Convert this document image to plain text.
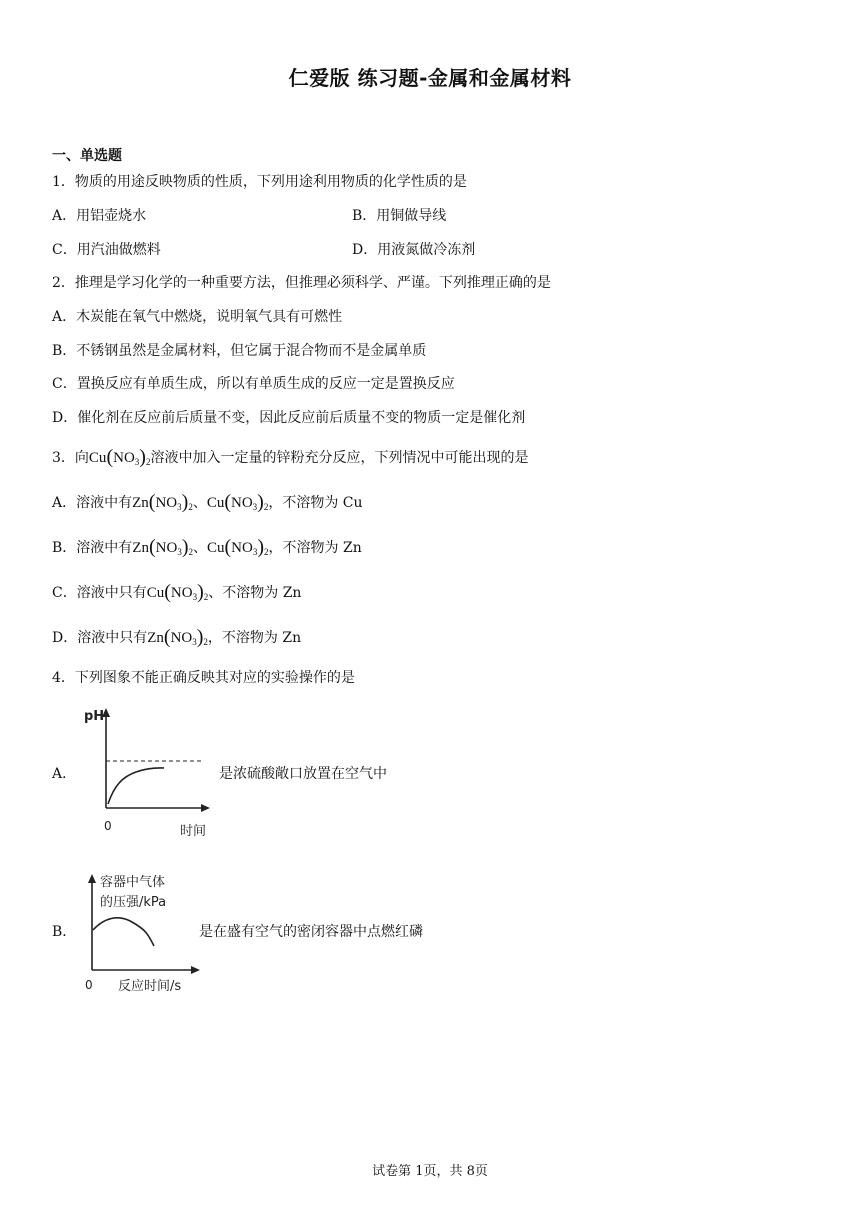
仁爱版 练习题-金属和金属材料
一、单选题
1．物质的用途反映物质的性质，下列用途利用物质的化学性质的是
A．用铝壶烧水	B．用铜做导线
C．用汽油做燃料	D．用液氮做冷冻剂
2．推理是学习化学的一种重要方法，但推理必须科学、严谨。下列推理正确的是
A．木炭能在氧气中燃烧，说明氧气具有可燃性
B．不锈钢虽然是金属材料，但它属于混合物而不是金属单质
C．置换反应有单质生成，所以有单质生成的反应一定是置换反应
D．催化剂在反应前后质量不变，因此反应前后质量不变的物质一定是催化剂
3．向$Cu(NO_3)_2$溶液中加入一定量的锌粉充分反应，下列情况中可能出现的是
A．溶液中有$Zn(NO_3)_2$、$Cu(NO_3)_2$，不溶物为 Cu
B．溶液中有$Zn(NO_3)_2$、$Cu(NO_3)_2$，不溶物为 Zn
C．溶液中只有$Cu(NO_3)_2$、不溶物为 Zn
D．溶液中只有$Zn(NO_3)_2$，不溶物为 Zn
4．下列图象不能正确反映其对应的实验操作的是
A．
pH
0	时间
是浓硫酸敞口放置在空气中
B．
容器中气体
的压强/kPa
0 反应时间/s
是在盛有空气的密闭容器中点燃红磷
试卷第 1页，共 8页
